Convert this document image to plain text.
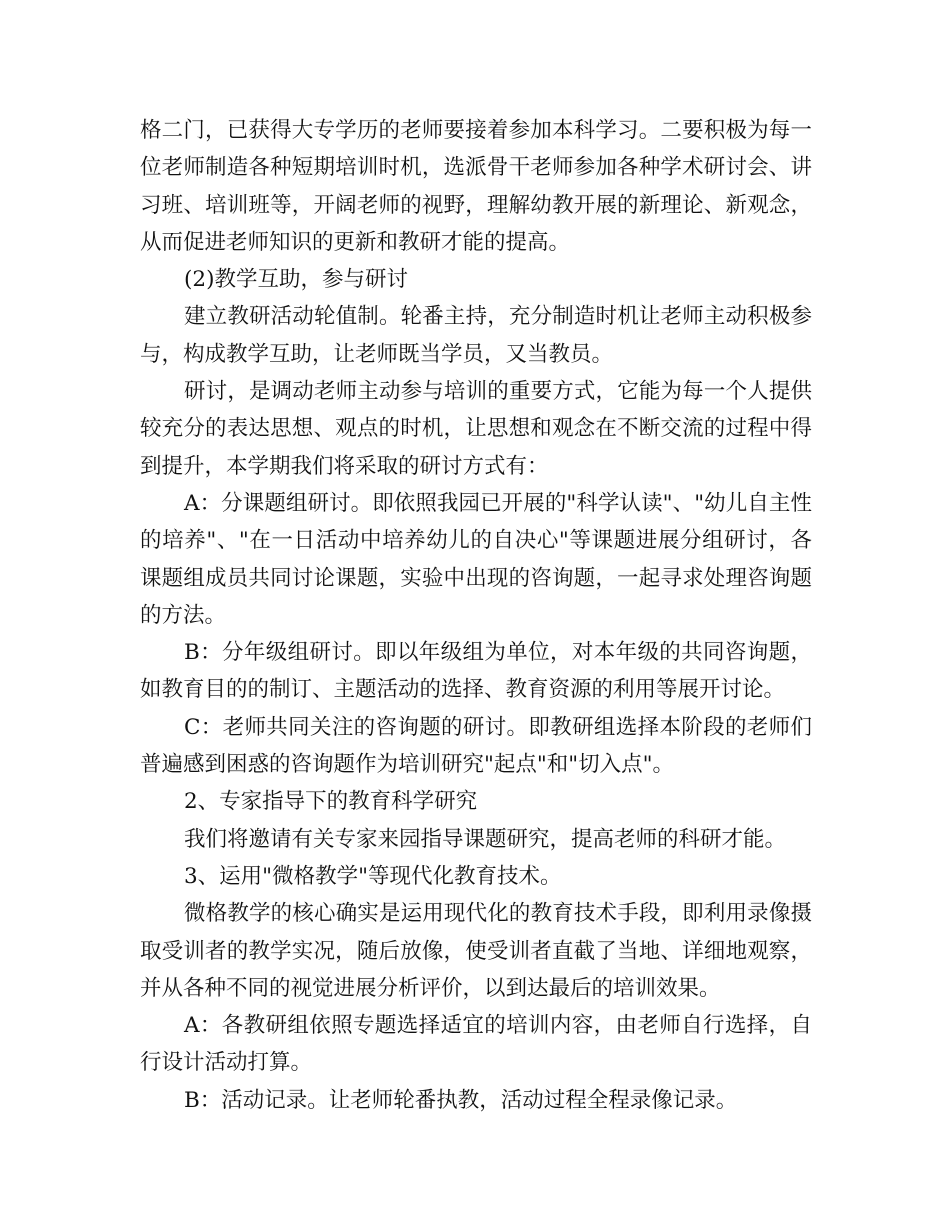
格二门，已获得大专学历的老师要接着参加本科学习。二要积极为每一位老师制造各种短期培训时机，选派骨干老师参加各种学术研讨会、讲习班、培训班等，开阔老师的视野，理解幼教开展的新理论、新观念，从而促进老师知识的更新和教研才能的提高。

(2)教学互助，参与研讨

建立教研活动轮值制。轮番主持，充分制造时机让老师主动积极参与，构成教学互助，让老师既当学员，又当教员。

研讨，是调动老师主动参与培训的重要方式，它能为每一个人提供较充分的表达思想、观点的时机，让思想和观念在不断交流的过程中得到提升，本学期我们将采取的研讨方式有：

A：分课题组研讨。即依照我园已开展的"科学认读"、"幼儿自主性的培养"、"在一日活动中培养幼儿的自决心"等课题进展分组研讨，各课题组成员共同讨论课题，实验中出现的咨询题，一起寻求处理咨询题的方法。

B：分年级组研讨。即以年级组为单位，对本年级的共同咨询题，如教育目的的制订、主题活动的选择、教育资源的利用等展开讨论。

C：老师共同关注的咨询题的研讨。即教研组选择本阶段的老师们普遍感到困惑的咨询题作为培训研究"起点"和"切入点"。

2、专家指导下的教育科学研究

我们将邀请有关专家来园指导课题研究，提高老师的科研才能。

3、运用"微格教学"等现代化教育技术。

微格教学的核心确实是运用现代化的教育技术手段，即利用录像摄取受训者的教学实况，随后放像，使受训者直截了当地、详细地观察，并从各种不同的视觉进展分析评价，以到达最后的培训效果。

A：各教研组依照专题选择适宜的培训内容，由老师自行选择，自行设计活动打算。

B：活动记录。让老师轮番执教，活动过程全程录像记录。
